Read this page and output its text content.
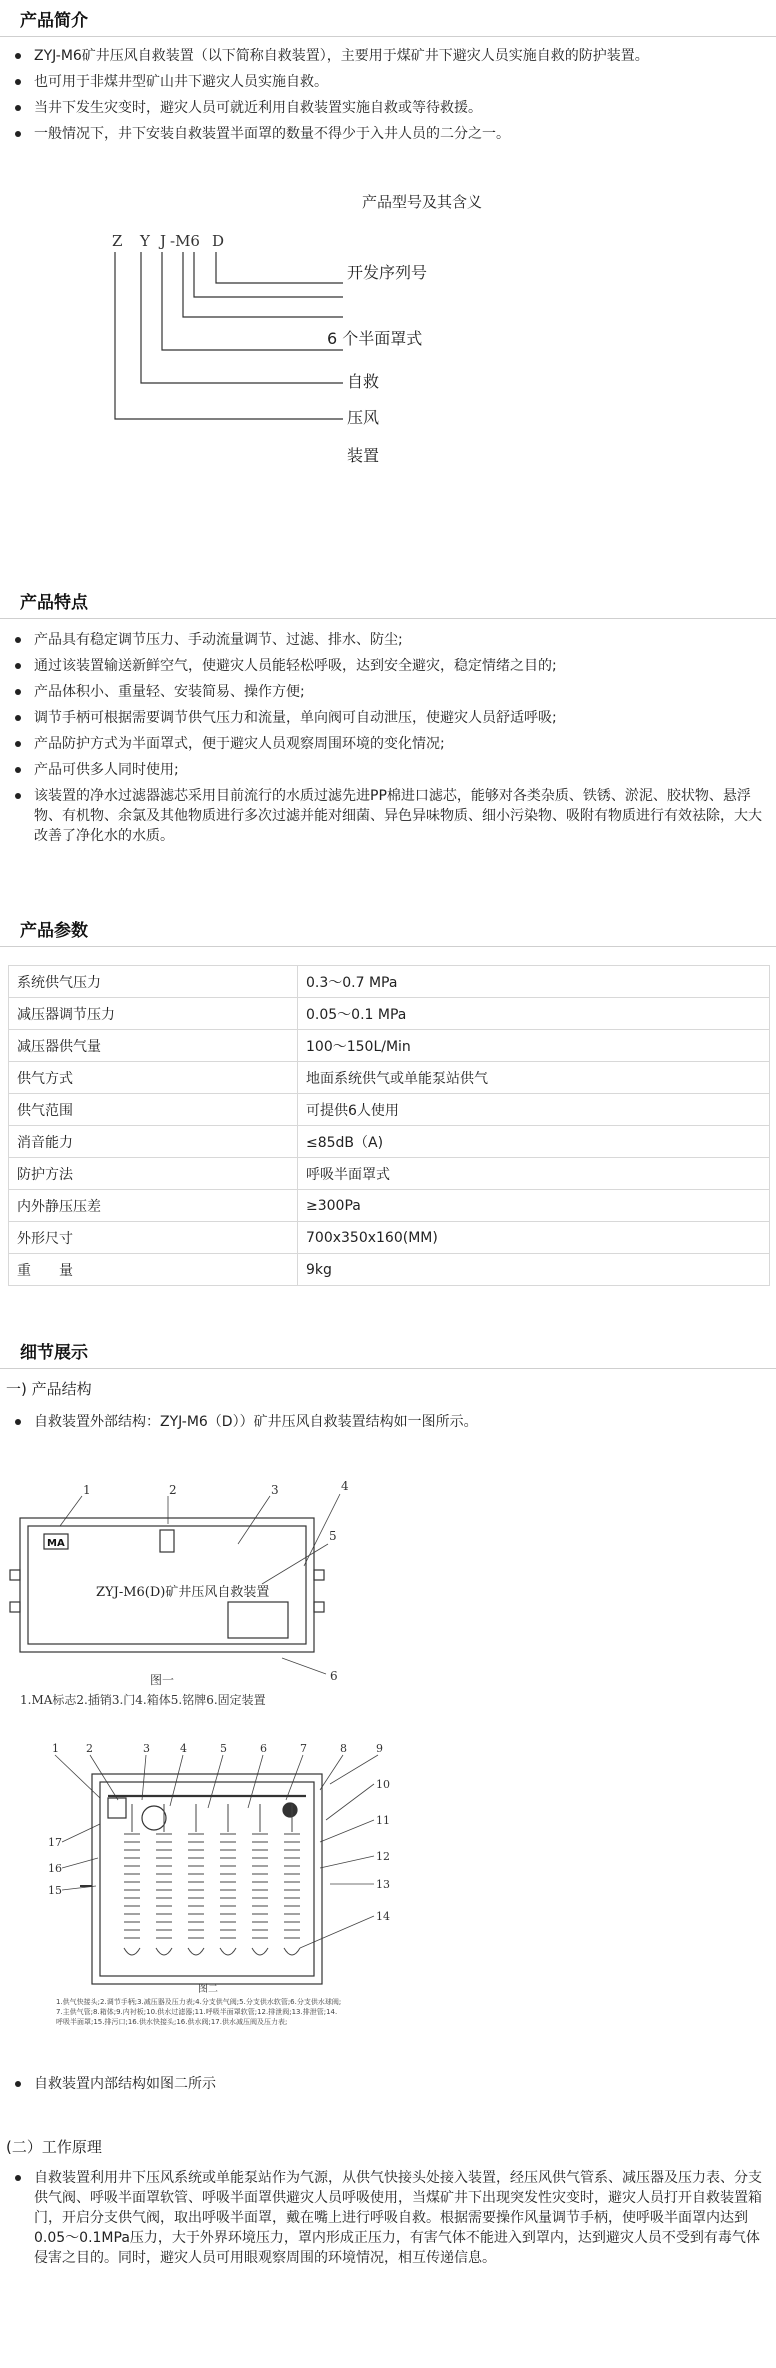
产品简介
ZYJ-M6矿井压风自救装置（以下简称自救装置），主要用于煤矿井下避灾人员实施自救的防护装置。
也可用于非煤井型矿山井下避灾人员实施自救。
当井下发生灾变时，避灾人员可就近利用自救装置实施自救或等待救援。
一般情况下，井下安装自救装置半面罩的数量不得少于入井人员的二分之一。
产品型号及其含义
Z Y J -M6 D
开发序列号
6 个半面罩式
自救
压风
装置
产品特点
产品具有稳定调节压力、手动流量调节、过滤、排水、防尘;
通过该装置输送新鲜空气，使避灾人员能轻松呼吸，达到安全避灾，稳定情绪之目的;
产品体积小、重量轻、安装简易、操作方便;
调节手柄可根据需要调节供气压力和流量，单向阀可自动泄压，使避灾人员舒适呼吸;
产品防护方式为半面罩式，便于避灾人员观察周围环境的变化情况;
产品可供多人同时使用;
该装置的净水过滤器滤芯采用目前流行的水质过滤先进PP棉进口滤芯，能够对各类杂质、铁锈、淤泥、胶状物、悬浮物、有机物、余氯及其他物质进行多次过滤并能对细菌、异色异味物质、细小污染物、吸附有物质进行有效祛除，大大改善了净化水的水质。
产品参数
系统供气压力	0.3～0.7 MPa
减压器调节压力	0.05～0.1 MPa
减压器供气量	100～150L/Min
供气方式	地面系统供气或单能泵站供气
供气范围	可提供6人使用
消音能力	≤85dB（A)
防护方法	呼吸半面罩式
内外静压压差	≥300Pa
外形尺寸	700x350x160(MM)
重　　量	9kg
细节展示
一) 产品结构
自救装置外部结构：ZYJ-M6（D））矿井压风自救装置结构如一图所示。
1	2	3	4
5
6
MA
ZYJ-M6(D)矿井压风自救装置
图一
1.MA标志2.插销3.门4.箱体5.铭牌6.固定装置
1 2	3	4	5	6	7	8	9
10
11
12
13
14
15
16
17
图二
1.供气快接头;2.调节手柄;3.减压器及压力表;4.分支供气阀;5.分支供水软管;6.分支供水球阀;
7.主供气管;8.箱体;9.内衬板;10.供水过滤器;11.呼吸半面罩软管;12.排泄阀;13.排泄管;14.
呼吸半面罩;15.排污口;16.供水快接头;16.供水阀;17.供水减压阀及压力表;
自救装置内部结构如图二所示
(二）工作原理
自救装置利用井下压风系统或单能泵站作为气源，从供气快接头处接入装置，经压风供气管系、减压器及压力表、分支供气阀、呼吸半面罩软管、呼吸半面罩供避灾人员呼吸使用，当煤矿井下出现突发性灾变时，避灾人员打开自救装置箱门，开启分支供气阀，取出呼吸半面罩，戴在嘴上进行呼吸自救。根据需要操作风量调节手柄，使呼吸半面罩内达到0.05～0.1MPa压力，大于外界环境压力，罩内形成正压力，有害气体不能进入到罩内，达到避灾人员不受到有毒气体侵害之目的。同时，避灾人员可用眼观察周围的环境情况，相互传递信息。
